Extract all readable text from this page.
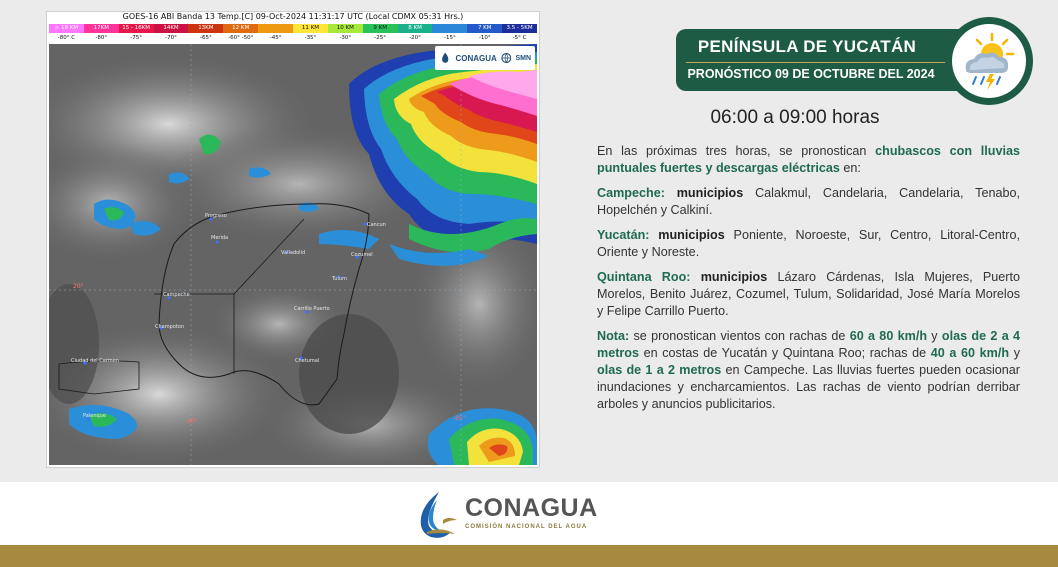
GOES-16 ABI Banda 13 Temp.[C] 09-Oct-2024 11:31:17 UTC (Local CDMX 05:31 Hrs.)
> 18 KM	17KM	15 - 16KM	14KM	13KM	12 KM	11 KM	10 KM	9 KM	8 KM	7 KM	3.5 - 5KM
-80° C	-80°	-75°	-70°	-65°	-60° -50°	-45°	-35°	-30°	-25°	-20°	-15°	-10°	-5° C
Progreso
Merida
Valladolid
Cancun
Cozumel
Tulum
Campeche
Champoton
Carrillo Puerto
Chetumal
Ciudad del Carmen
Palenque
20°
-90°	-85°
CONAGUA	SMN
PENÍNSULA DE YUCATÁN
PRONÓSTICO 09 DE OCTUBRE DEL 2024
06:00 a 09:00 horas

En las próximas tres horas, se pronostican chubascos con lluvias puntuales fuertes y descargas eléctricas en:

Campeche: municipios Calakmul, Candelaria, Candelaria, Tenabo, Hopelchén y Calkiní.

Yucatán: municipios Poniente, Noroeste, Sur, Centro, Litoral-Centro, Oriente y Noreste.

Quintana Roo: municipios Lázaro Cárdenas, Isla Mujeres, Puerto Morelos, Benito Juárez, Cozumel, Tulum, Solidaridad, José María Morelos y Felipe Carrillo Puerto.

Nota: se pronostican vientos con rachas de 60 a 80 km/h y olas de 2 a 4 metros en costas de Yucatán y Quintana Roo; rachas de 40 a 60 km/h y olas de 1 a 2 metros en Campeche. Las lluvias fuertes pueden ocasionar inundaciones y encharcamientos. Las rachas de viento podrían derribar arboles y anuncios publicitarios.

CONAGUA
COMISIÓN NACIONAL DEL AGUA
